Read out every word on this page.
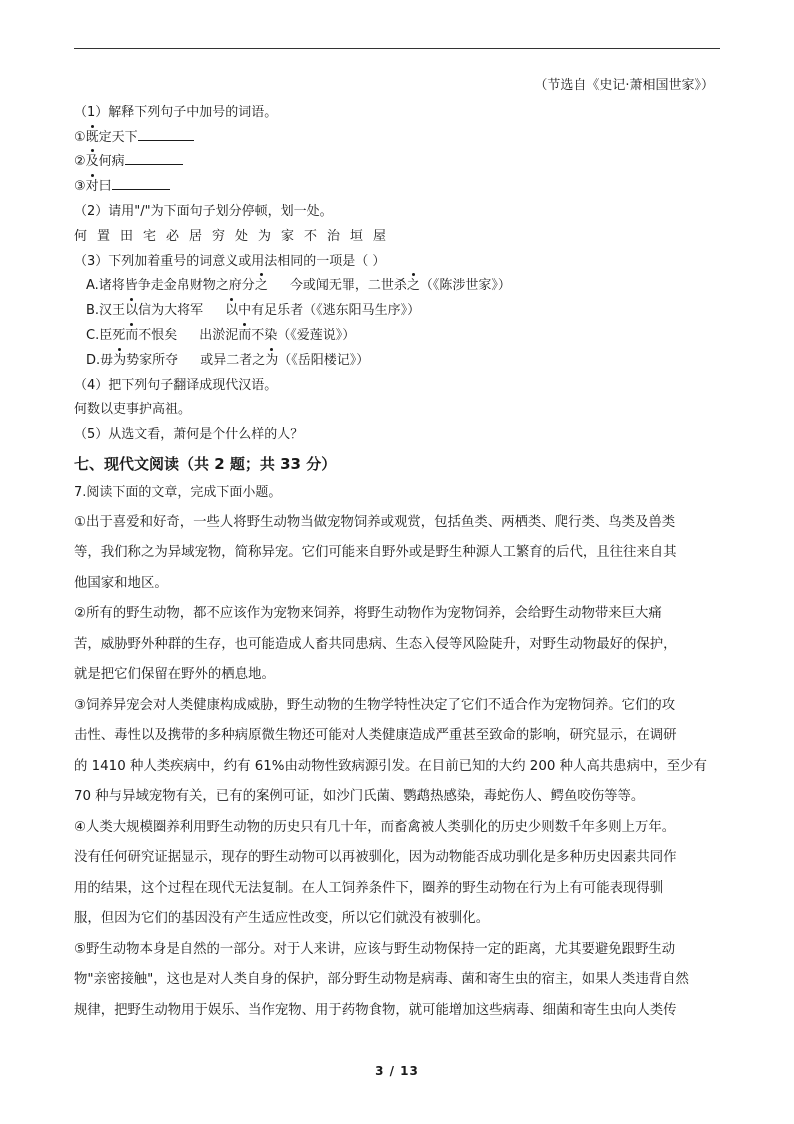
（节选自《史记·萧相国世家》）
（1）解释下列句子中加号的词语。
①既定天下
②及何病
③对曰
（2）请用"/"为下面句子划分停顿，划一处。
何置田宅必居穷处为家不治垣屋
（3）下列加着重号的词意义或用法相同的一项是（ ）
A.诸将皆争走金帛财物之府分之 今或闻无罪，二世杀之（《陈涉世家》）
B.汉王以信为大将军 以中有足乐者（《逃东阳马生序》）
C.臣死而不恨矣 出淤泥而不染（《爱莲说》）
D.毋为势家所夺 或异二者之为（《岳阳楼记》）
（4）把下列句子翻译成现代汉语。
何数以吏事护高祖。
（5）从选文看，萧何是个什么样的人？
七、现代文阅读（共 2 题；共 33 分）
7.阅读下面的文章，完成下面小题。
①出于喜爱和好奇，一些人将野生动物当做宠物饲养或观赏，包括鱼类、两栖类、爬行类、鸟类及兽类
等，我们称之为异域宠物，简称异宠。它们可能来自野外或是野生种源人工繁育的后代，且往往来自其
他国家和地区。
②所有的野生动物，都不应该作为宠物来饲养，将野生动物作为宠物饲养，会给野生动物带来巨大痛
苦，威胁野外种群的生存，也可能造成人畜共同患病、生态入侵等风险陡升，对野生动物最好的保护，
就是把它们保留在野外的栖息地。
③饲养异宠会对人类健康构成威胁，野生动物的生物学特性决定了它们不适合作为宠物饲养。它们的攻
击性、毒性以及携带的多种病原微生物还可能对人类健康造成严重甚至致命的影响，研究显示，在调研
的 1410 种人类疾病中，约有 61%由动物性致病源引发。在目前已知的大约 200 种人高共患病中，至少有
70 种与异域宠物有关，已有的案例可证，如沙门氏菌、鹦鹉热感染，毒蛇伤人、鳄鱼咬伤等等。
④人类大规模圈养利用野生动物的历史只有几十年，而畜禽被人类驯化的历史少则数千年多则上万年。
没有任何研究证据显示，现存的野生动物可以再被驯化，因为动物能否成功驯化是多种历史因素共同作
用的结果，这个过程在现代无法复制。在人工饲养条件下，圈养的野生动物在行为上有可能表现得驯
服，但因为它们的基因没有产生适应性改变，所以它们就没有被驯化。
⑤野生动物本身是自然的一部分。对于人来讲，应该与野生动物保持一定的距离，尤其要避免跟野生动
物"亲密接触"，这也是对人类自身的保护，部分野生动物是病毒、菌和寄生虫的宿主，如果人类违背自然
规律，把野生动物用于娱乐、当作宠物、用于药物食物，就可能增加这些病毒、细菌和寄生虫向人类传
3 / 13
